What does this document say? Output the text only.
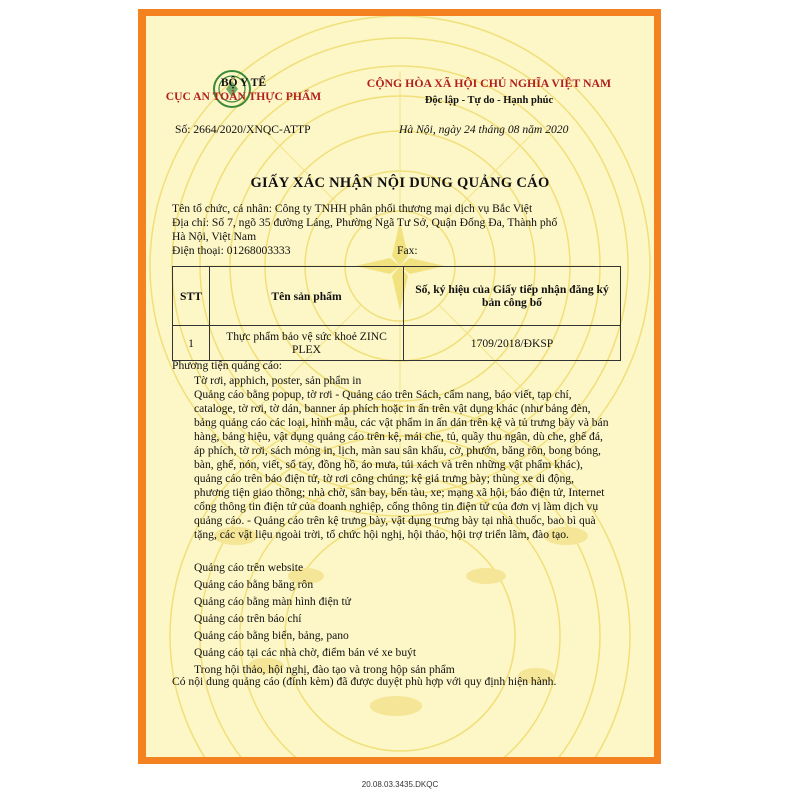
BỘ Y TẾ
CỤC AN TOÀN THỰC PHẨM
Số: 2664/2020/XNQC-ATTP
CỘNG HÒA XÃ HỘI CHỦ NGHĨA VIỆT NAM
Độc lập - Tự do - Hạnh phúc
Hà Nội, ngày 24 tháng 08 năm 2020
GIẤY XÁC NHẬN NỘI DUNG QUẢNG CÁO
Tên tổ chức, cá nhân: Công ty TNHH phân phối thương mại dịch vụ Bắc Việt
Địa chỉ: Số 7, ngõ 35 đường Láng, Phường Ngã Tư Sở, Quận Đống Đa, Thành phố
Hà Nội, Việt Nam
Điện thoại: 01268003333	Fax:
STT	Tên sản phẩm	Số, ký hiệu của Giấy tiếp nhận đăng ký bản công bố
1	Thực phẩm bảo vệ sức khoẻ ZINC PLEX	1709/2018/ĐKSP
Phương tiện quảng cáo:
Tờ rơi, apphich, poster, sản phẩm in
Quảng cáo bằng popup, tờ rơi - Quảng cáo trên Sách, cẩm nang, báo viết, tạp chí, cataloge, tờ rơi, tờ dán, banner áp phích hoặc in ấn trên vật dụng khác (như bảng đèn, bảng quảng cáo các loại, hình mẫu, các vật phẩm in ấn dán trên kệ và tủ trưng bày và bán hàng, bảng hiệu, vật dụng quảng cáo trên kệ, mái che, tủ, quầy thu ngân, dù che, ghế đá, áp phích, tờ rơi, sách mỏng in, lịch, màn sau sân khấu, cờ, phướn, băng rôn, bong bóng, bàn, ghế, nón, viết, sổ tay, đồng hồ, áo mưa, túi xách và trên những vật phẩm khác), quảng cáo trên báo điện tử, tờ rơi công chúng; kệ giá trưng bày; thùng xe di động, phương tiện giao thông; nhà chờ, sân bay, bến tàu, xe; mạng xã hội, báo điện tử, Internet cổng thông tin điện tử của doanh nghiệp, cổng thông tin điện tử của đơn vị làm dịch vụ quảng cáo. - Quảng cáo trên kệ trưng bày, vật dụng trưng bày tại nhà thuốc, bao bì quà tặng, các vật liệu ngoài trời, tổ chức hội nghị, hội thảo, hội trợ triển lãm, đào tạo.
Quảng cáo trên website
Quảng cáo bằng băng rôn
Quảng cáo bằng màn hình điện tử
Quảng cáo trên báo chí
Quảng cáo bằng biển, bảng, pano
Quảng cáo tại các nhà chờ, điểm bán vé xe buýt
Trong hội thảo, hội nghị, đào tạo và trong hộp sản phẩm
Có nội dung quảng cáo (đính kèm) đã được duyệt phù hợp với quy định hiện hành.
20.08.03.3435.DKQC
